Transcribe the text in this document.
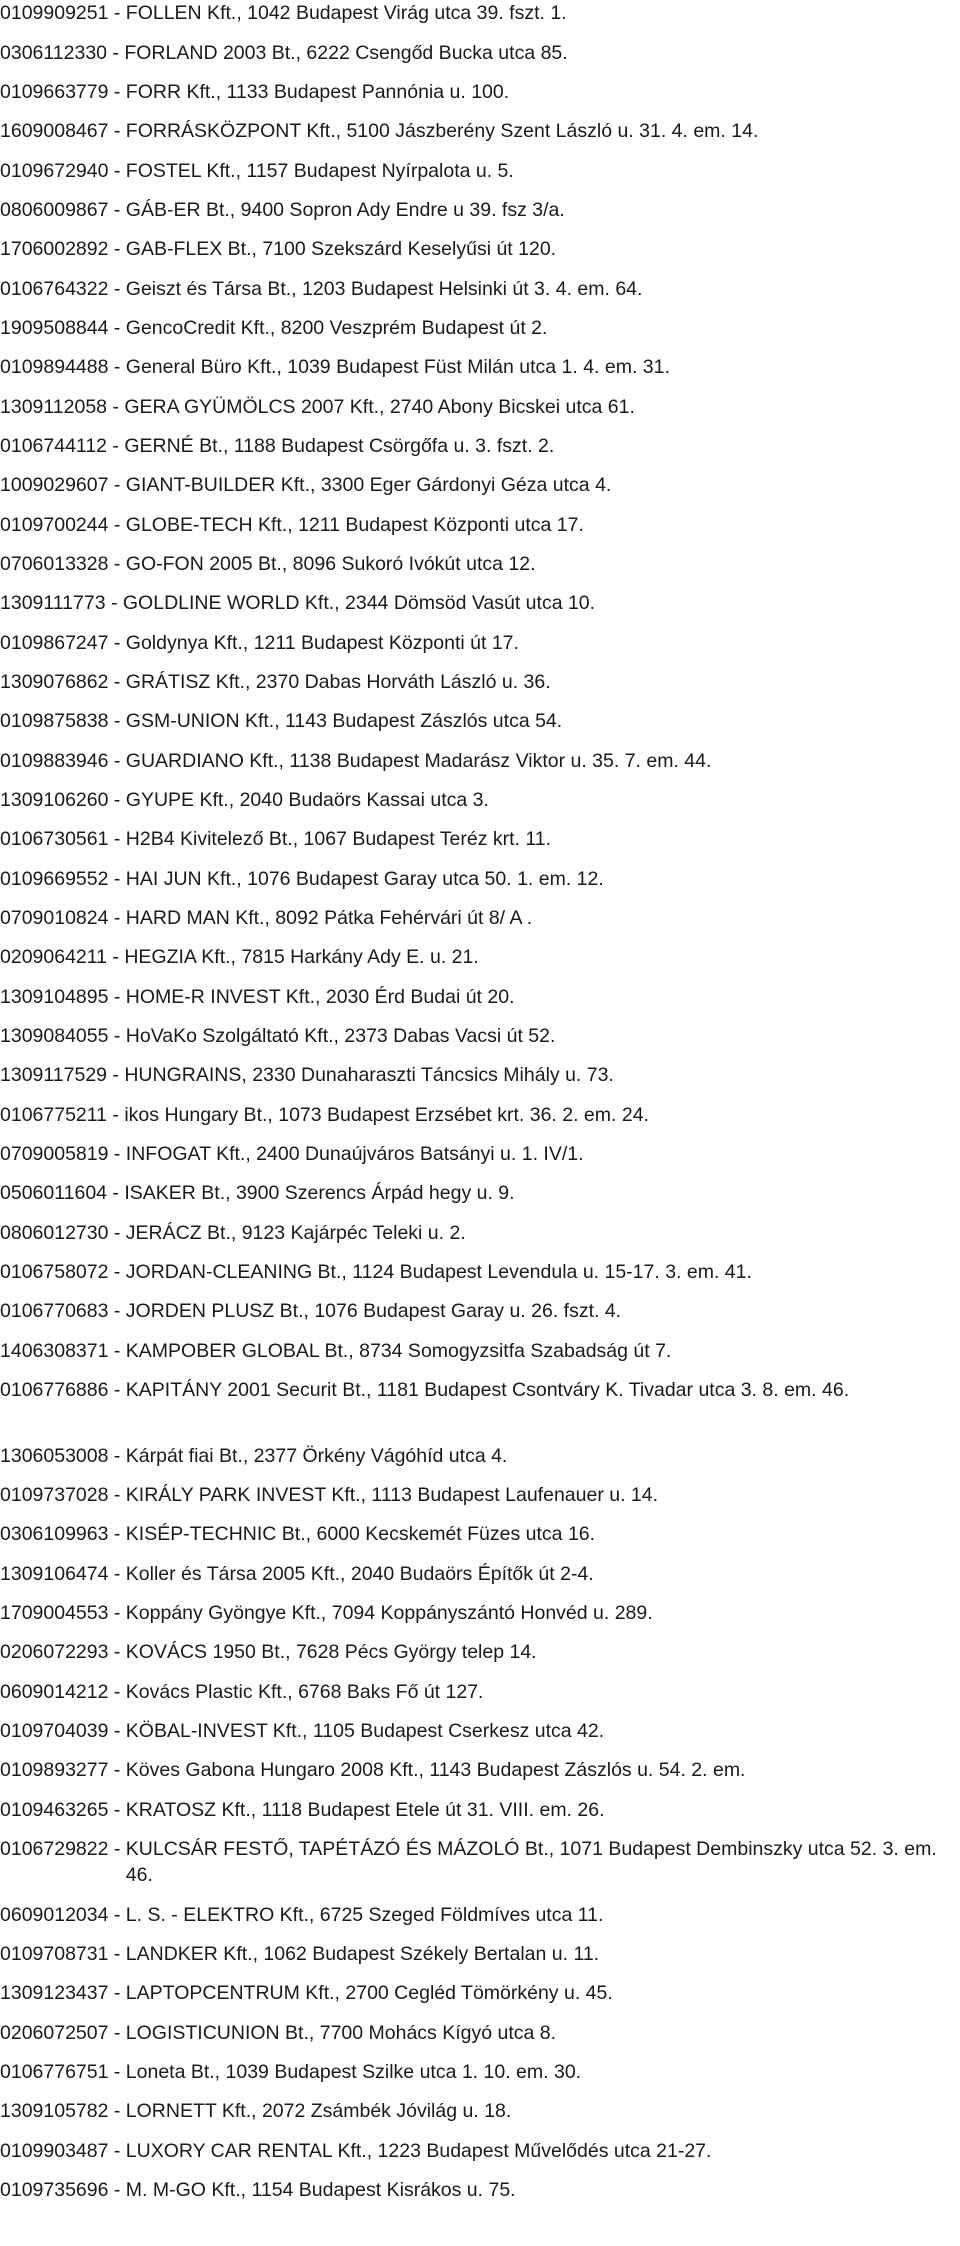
0109909251 - FOLLEN Kft., 1042 Budapest Virág utca 39. fszt. 1.
0306112330 - FORLAND 2003 Bt., 6222 Csengőd Bucka utca 85.
0109663779 - FORR Kft., 1133 Budapest Pannónia u. 100.
1609008467 - FORRÁSKÖZPONT Kft., 5100 Jászberény Szent László u. 31. 4. em. 14.
0109672940 - FOSTEL Kft., 1157 Budapest Nyírpalota u. 5.
0806009867 - GÁB-ER Bt., 9400 Sopron Ady Endre u 39. fsz 3/a.
1706002892 - GAB-FLEX Bt., 7100 Szekszárd Keselyűsi út 120.
0106764322 - Geiszt és Társa Bt., 1203 Budapest Helsinki út 3. 4. em. 64.
1909508844 - GencoCredit Kft., 8200 Veszprém Budapest út 2.
0109894488 - General Büro Kft., 1039 Budapest Füst Milán utca 1. 4. em. 31.
1309112058 - GERA GYÜMÖLCS 2007 Kft., 2740 Abony Bicskei utca 61.
0106744112 - GERNÉ Bt., 1188 Budapest Csörgőfa u. 3. fszt. 2.
1009029607 - GIANT-BUILDER Kft., 3300 Eger Gárdonyi Géza utca 4.
0109700244 - GLOBE-TECH Kft., 1211 Budapest Központi utca 17.
0706013328 - GO-FON 2005 Bt., 8096 Sukoró Ivókút utca 12.
1309111773 - GOLDLINE WORLD Kft., 2344 Dömsöd Vasút utca 10.
0109867247 - Goldynya Kft., 1211 Budapest Központi út 17.
1309076862 - GRÁTISZ Kft., 2370 Dabas Horváth László u. 36.
0109875838 - GSM-UNION Kft., 1143 Budapest Zászlós utca 54.
0109883946 - GUARDIANO Kft., 1138 Budapest Madarász Viktor u. 35. 7. em. 44.
1309106260 - GYUPE Kft., 2040 Budaörs Kassai utca 3.
0106730561 - H2B4 Kivitelező Bt., 1067 Budapest Teréz krt. 11.
0109669552 - HAI JUN Kft., 1076 Budapest Garay utca 50. 1. em. 12.
0709010824 - HARD MAN Kft., 8092 Pátka Fehérvári út 8/ A .
0209064211 - HEGZIA Kft., 7815 Harkány Ady E. u. 21.
1309104895 - HOME-R INVEST Kft., 2030 Érd Budai út 20.
1309084055 - HoVaKo Szolgáltató Kft., 2373 Dabas Vacsi út 52.
1309117529 - HUNGRAINS, 2330 Dunaharaszti Táncsics Mihály u. 73.
0106775211 - ikos Hungary Bt., 1073 Budapest Erzsébet krt. 36. 2. em. 24.
0709005819 - INFOGAT Kft., 2400 Dunaújváros Batsányi u. 1. IV/1.
0506011604 - ISAKER Bt., 3900 Szerencs Árpád hegy u. 9.
0806012730 - JERÁCZ Bt., 9123 Kajárpéc Teleki u. 2.
0106758072 - JORDAN-CLEANING Bt., 1124 Budapest Levendula u. 15-17. 3. em. 41.
0106770683 - JORDEN PLUSZ Bt., 1076 Budapest Garay u. 26. fszt. 4.
1406308371 - KAMPOBER GLOBAL Bt., 8734 Somogyzsitfa Szabadság út 7.
0106776886 - KAPITÁNY 2001 Securit Bt., 1181 Budapest Csontváry K. Tivadar utca 3. 8. em. 46.
1306053008 - Kárpát fiai Bt., 2377 Örkény Vágóhíd utca 4.
0109737028 - KIRÁLY PARK INVEST Kft., 1113 Budapest Laufenauer u. 14.
0306109963 - KISÉP-TECHNIC Bt., 6000 Kecskemét Füzes utca 16.
1309106474 - Koller és Társa 2005 Kft., 2040 Budaörs Építők út 2-4.
1709004553 - Koppány Gyöngye Kft., 7094 Koppányszántó Honvéd u. 289.
0206072293 - KOVÁCS 1950 Bt., 7628 Pécs György telep 14.
0609014212 - Kovács Plastic Kft., 6768 Baks Fő út 127.
0109704039 - KÖBAL-INVEST Kft., 1105 Budapest Cserkesz utca 42.
0109893277 - Köves Gabona Hungaro 2008 Kft., 1143 Budapest Zászlós u. 54. 2. em.
0109463265 - KRATOSZ Kft., 1118 Budapest Etele út 31. VIII. em. 26.
0106729822 - KULCSÁR FESTŐ, TAPÉTÁZÓ ÉS MÁZOLÓ Bt., 1071 Budapest Dembinszky utca 52. 3. em. 46.
0609012034 - L. S. - ELEKTRO Kft., 6725 Szeged Földmíves utca 11.
0109708731 - LANDKER Kft., 1062 Budapest Székely Bertalan u. 11.
1309123437 - LAPTOPCENTRUM Kft., 2700 Cegléd Tömörkény u. 45.
0206072507 - LOGISTICUNION Bt., 7700 Mohács Kígyó utca 8.
0106776751 - Loneta Bt., 1039 Budapest Szilke utca 1. 10. em. 30.
1309105782 - LORNETT Kft., 2072 Zsámbék Jóvilág u. 18.
0109903487 - LUXORY CAR RENTAL Kft., 1223 Budapest Művelődés utca 21-27.
0109735696 - M. M-GO Kft., 1154 Budapest Kisrákos u. 75.
